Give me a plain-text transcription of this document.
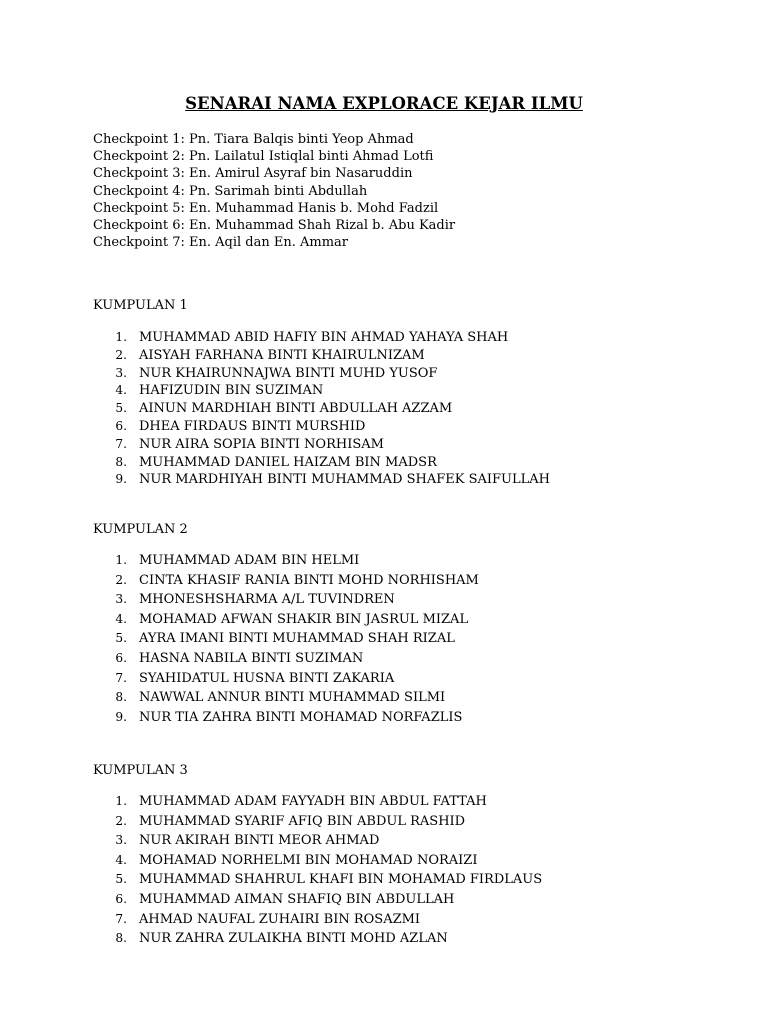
SENARAI NAMA EXPLORACE KEJAR ILMU
Checkpoint 1: Pn. Tiara Balqis binti Yeop Ahmad
Checkpoint 2: Pn. Lailatul Istiqlal binti Ahmad Lotfi
Checkpoint 3: En. Amirul Asyraf bin Nasaruddin
Checkpoint 4: Pn. Sarimah binti Abdullah
Checkpoint 5: En. Muhammad Hanis b. Mohd Fadzil
Checkpoint 6: En. Muhammad Shah Rizal b. Abu Kadir
Checkpoint 7: En. Aqil dan En. Ammar
KUMPULAN 1
1. MUHAMMAD ABID HAFIY BIN AHMAD YAHAYA SHAH
2. AISYAH FARHANA BINTI KHAIRULNIZAM
3. NUR KHAIRUNNAJWA BINTI MUHD YUSOF
4. HAFIZUDIN BIN SUZIMAN
5. AINUN MARDHIAH BINTI ABDULLAH AZZAM
6. DHEA FIRDAUS BINTI MURSHID
7. NUR AIRA SOPIA BINTI NORHISAM
8. MUHAMMAD DANIEL HAIZAM BIN MADSR
9. NUR MARDHIYAH BINTI MUHAMMAD SHAFEK SAIFULLAH
KUMPULAN 2
1. MUHAMMAD ADAM BIN HELMI
2. CINTA KHASIF RANIA BINTI MOHD NORHISHAM
3. MHONESHSHARMA A/L TUVINDREN
4. MOHAMAD AFWAN SHAKIR BIN JASRUL MIZAL
5. AYRA IMANI BINTI MUHAMMAD SHAH RIZAL
6. HASNA NABILA BINTI SUZIMAN
7. SYAHIDATUL HUSNA BINTI ZAKARIA
8. NAWWAL ANNUR BINTI MUHAMMAD SILMI
9. NUR TIA ZAHRA BINTI MOHAMAD NORFAZLIS
KUMPULAN 3
1. MUHAMMAD ADAM FAYYADH BIN ABDUL FATTAH
2. MUHAMMAD SYARIF AFIQ BIN ABDUL RASHID
3. NUR AKIRAH BINTI MEOR AHMAD
4. MOHAMAD NORHELMI BIN MOHAMAD NORAIZI
5. MUHAMMAD SHAHRUL KHAFI BIN MOHAMAD FIRDLAUS
6. MUHAMMAD AIMAN SHAFIQ BIN ABDULLAH
7. AHMAD NAUFAL ZUHAIRI BIN ROSAZMI
8. NUR ZAHRA ZULAIKHA BINTI MOHD AZLAN
